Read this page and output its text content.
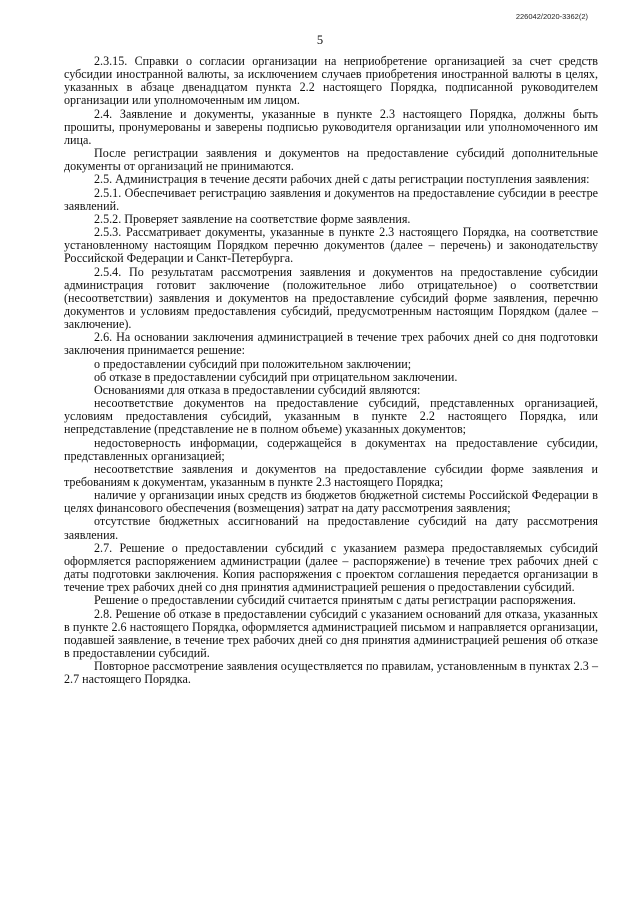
226042/2020-3362(2)
5

2.3.15. Справки о согласии организации на неприобретение организацией за счет средств субсидии иностранной валюты, за исключением случаев приобретения иностранной валюты в целях, указанных в абзаце двенадцатом пункта 2.2 настоящего Порядка, подписанной руководителем организации или уполномоченным им лицом.

2.4. Заявление и документы, указанные в пункте 2.3 настоящего Порядка, должны быть прошиты, пронумерованы и заверены подписью руководителя организации или уполномоченного им лица.

После регистрации заявления и документов на предоставление субсидий дополнительные документы от организаций не принимаются.

2.5. Администрация в течение десяти рабочих дней с даты регистрации поступления заявления:

2.5.1. Обеспечивает регистрацию заявления и документов на предоставление субсидии в реестре заявлений.

2.5.2. Проверяет заявление на соответствие форме заявления.

2.5.3. Рассматривает документы, указанные в пункте 2.3 настоящего Порядка, на соответствие установленному настоящим Порядком перечню документов (далее – перечень) и законодательству Российской Федерации и Санкт-Петербурга.

2.5.4. По результатам рассмотрения заявления и документов на предоставление субсидии администрация готовит заключение (положительное либо отрицательное) о соответствии (несоответствии) заявления и документов на предоставление субсидий форме заявления, перечню документов и условиям предоставления субсидий, предусмотренным настоящим Порядком (далее – заключение).

2.6. На основании заключения администрацией в течение трех рабочих дней со дня подготовки заключения принимается решение:

о предоставлении субсидий при положительном заключении;

об отказе в предоставлении субсидий при отрицательном заключении.

Основаниями для отказа в предоставлении субсидий являются:

несоответствие документов на предоставление субсидий, представленных организацией, условиям предоставления субсидий, указанным в пункте 2.2 настоящего Порядка, или непредставление (представление не в полном объеме) указанных документов;

недостоверность информации, содержащейся в документах на предоставление субсидии, представленных организацией;

несоответствие заявления и документов на предоставление субсидии форме заявления и требованиям к документам, указанным в пункте 2.3 настоящего Порядка;

наличие у организации иных средств из бюджетов бюджетной системы Российской Федерации в целях финансового обеспечения (возмещения) затрат на дату рассмотрения заявления;

отсутствие бюджетных ассигнований на предоставление субсидий на дату рассмотрения заявления.

2.7. Решение о предоставлении субсидий с указанием размера предоставляемых субсидий оформляется распоряжением администрации (далее – распоряжение) в течение трех рабочих дней с даты подготовки заключения. Копия распоряжения с проектом соглашения передается организации в течение трех рабочих дней со дня принятия администрацией решения о предоставлении субсидий.

Решение о предоставлении субсидий считается принятым с даты регистрации распоряжения.

2.8. Решение об отказе в предоставлении субсидий с указанием оснований для отказа, указанных в пункте 2.6 настоящего Порядка, оформляется администрацией письмом и направляется организации, подавшей заявление, в течение трех рабочих дней со дня принятия администрацией решения об отказе в предоставлении субсидий.

Повторное рассмотрение заявления осуществляется по правилам, установленным в пунктах 2.3 – 2.7 настоящего Порядка.
